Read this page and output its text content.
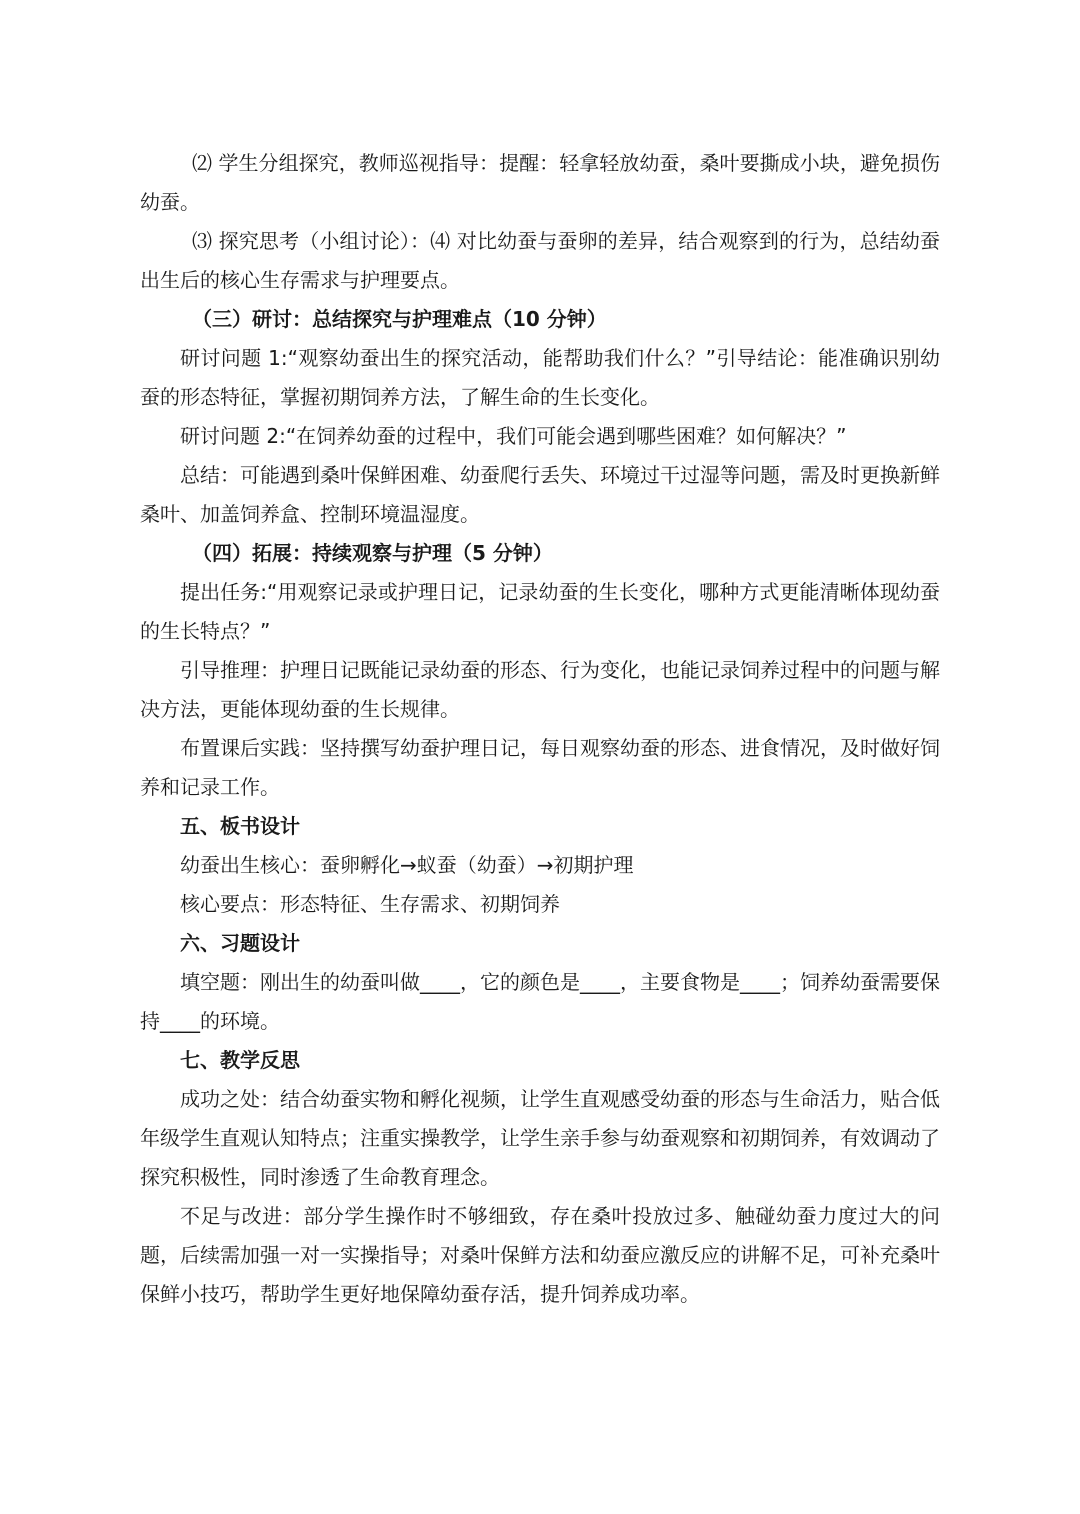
⑵ 学生分组探究，教师巡视指导：提醒：轻拿轻放幼蚕，桑叶要撕成小块，避免损伤幼蚕。

⑶ 探究思考（小组讨论）：⑷ 对比幼蚕与蚕卵的差异，结合观察到的行为，总结幼蚕出生后的核心生存需求与护理要点。

（三）研讨：总结探究与护理难点（10 分钟）

研讨问题 1:“观察幼蚕出生的探究活动，能帮助我们什么？”引导结论：能准确识别幼蚕的形态特征，掌握初期饲养方法，了解生命的生长变化。

研讨问题 2:“在饲养幼蚕的过程中，我们可能会遇到哪些困难？如何解决？”

总结：可能遇到桑叶保鲜困难、幼蚕爬行丢失、环境过干过湿等问题，需及时更换新鲜桑叶、加盖饲养盒、控制环境温湿度。

（四）拓展：持续观察与护理（5 分钟）

提出任务:“用观察记录或护理日记，记录幼蚕的生长变化，哪种方式更能清晰体现幼蚕的生长特点？”

引导推理：护理日记既能记录幼蚕的形态、行为变化，也能记录饲养过程中的问题与解决方法，更能体现幼蚕的生长规律。

布置课后实践：坚持撰写幼蚕护理日记，每日观察幼蚕的形态、进食情况，及时做好饲养和记录工作。

五、板书设计

幼蚕出生核心：蚕卵孵化→蚁蚕（幼蚕）→初期护理

核心要点：形态特征、生存需求、初期饲养

六、习题设计

填空题：刚出生的幼蚕叫做____，它的颜色是____，主要食物是____；饲养幼蚕需要保持____的环境。

七、教学反思

成功之处：结合幼蚕实物和孵化视频，让学生直观感受幼蚕的形态与生命活力，贴合低年级学生直观认知特点；注重实操教学，让学生亲手参与幼蚕观察和初期饲养，有效调动了探究积极性，同时渗透了生命教育理念。

不足与改进：部分学生操作时不够细致，存在桑叶投放过多、触碰幼蚕力度过大的问题，后续需加强一对一实操指导；对桑叶保鲜方法和幼蚕应激反应的讲解不足，可补充桑叶保鲜小技巧，帮助学生更好地保障幼蚕存活，提升饲养成功率。
